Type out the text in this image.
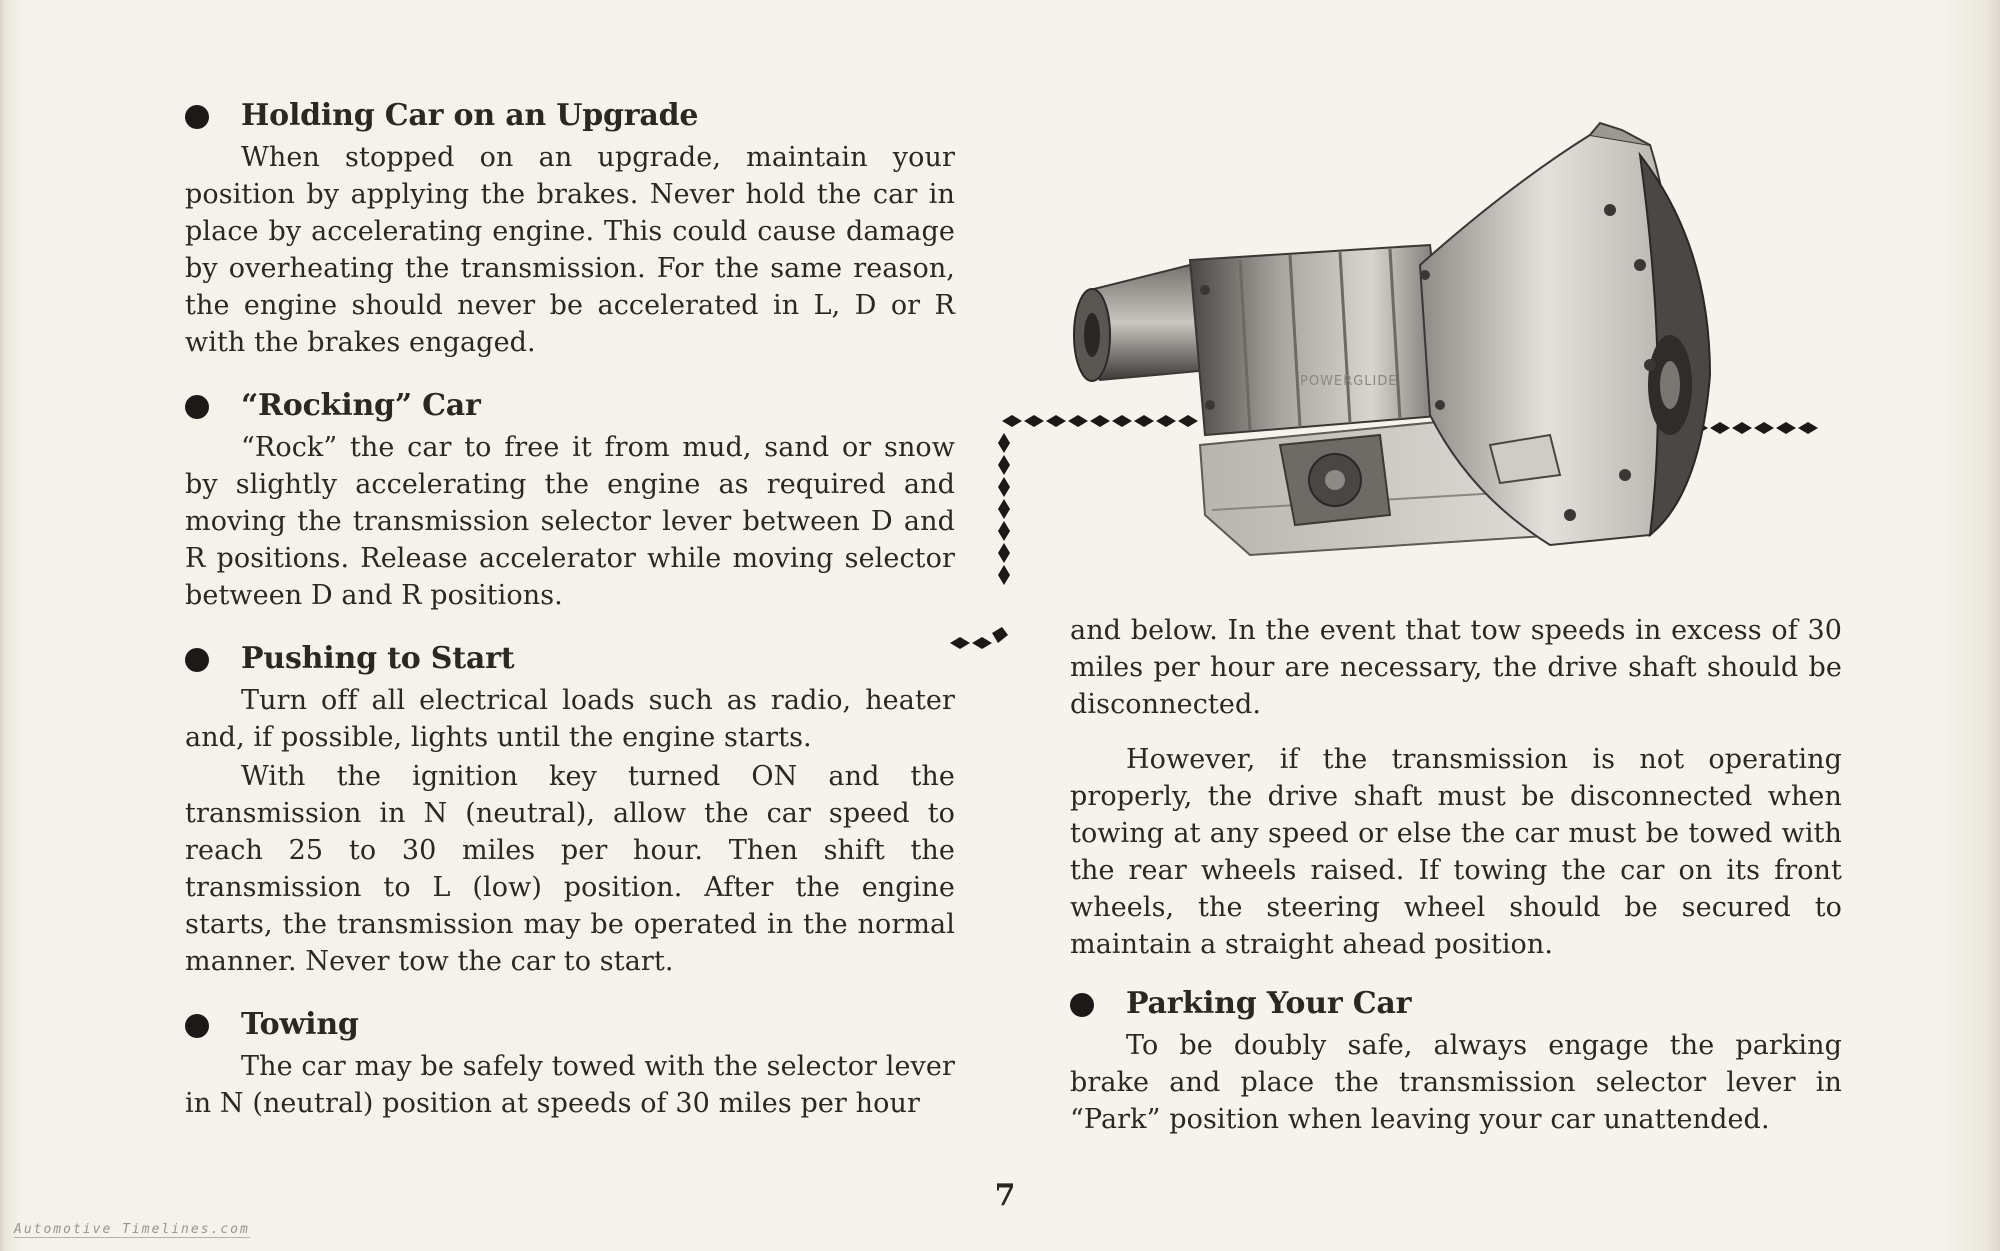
Holding Car on an Upgrade

When stopped on an upgrade, maintain your position by applying the brakes. Never hold the car in place by accelerating engine. This could cause damage by overheating the transmission. For the same reason, the engine should never be accelerated in L, D or R with the brakes engaged.

“Rocking” Car

“Rock” the car to free it from mud, sand or snow by slightly accelerating the engine as required and moving the transmission selector lever between D and R positions. Release accelerator while moving selector between D and R positions.

Pushing to Start

Turn off all electrical loads such as radio, heater and, if possible, lights until the engine starts.

With the ignition key turned ON and the transmission in N (neutral), allow the car speed to reach 25 to 30 miles per hour. Then shift the transmission to L (low) position. After the engine starts, the transmission may be operated in the normal manner. Never tow the car to start.

Towing

The car may be safely towed with the selector lever in N (neutral) position at speeds of 30 miles per hour

POWERGLIDE

and below. In the event that tow speeds in excess of 30 miles per hour are necessary, the drive shaft should be disconnected.

However, if the transmission is not operating properly, the drive shaft must be disconnected when towing at any speed or else the car must be towed with the rear wheels raised. If towing the car on its front wheels, the steering wheel should be secured to maintain a straight ahead position.

Parking Your Car

To be doubly safe, always engage the parking brake and place the transmission selector lever in “Park” position when leaving your car unattended.

7
Automotive Timelines.com
